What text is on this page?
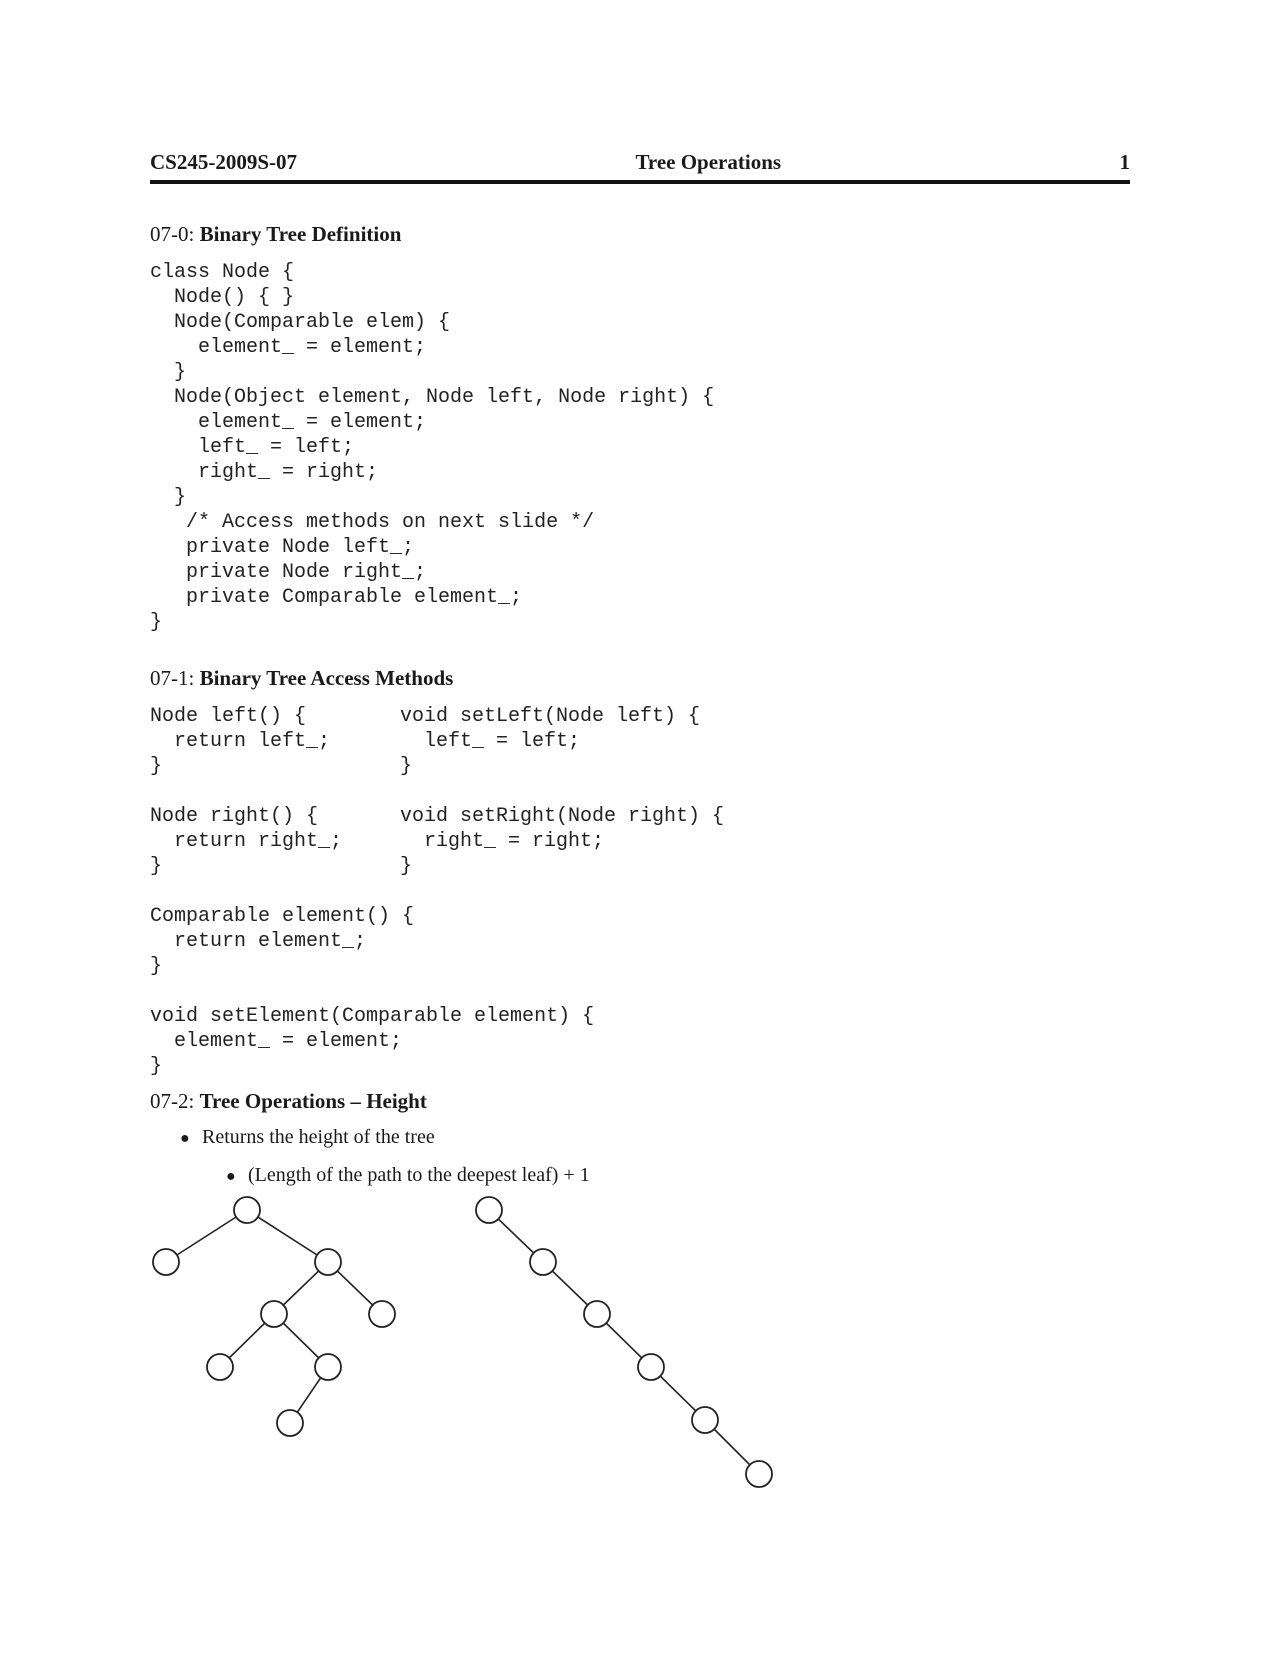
CS245-2009S-07	Tree Operations	1
07-0: Binary Tree Definition
class Node {
Node() { }
Node(Comparable elem) {
element_ = element;
}
Node(Object element, Node left, Node right) {
element_ = element;
left_ = left;
right_ = right;
}
/* Access methods on next slide */
private Node left_;
private Node right_;
private Comparable element_;
}
07-1: Binary Tree Access Methods
Node left() {
return left_;
}

Node right() {
return right_;
}
void setLeft(Node left) {
left_ = left;
}

void setRight(Node right) {
right_ = right;
}
Comparable element() {
return element_;
}

void setElement(Comparable element) {
element_ = element;
}
07-2: Tree Operations – Height
● Returns the height of the tree
● (Length of the path to the deepest leaf) + 1
